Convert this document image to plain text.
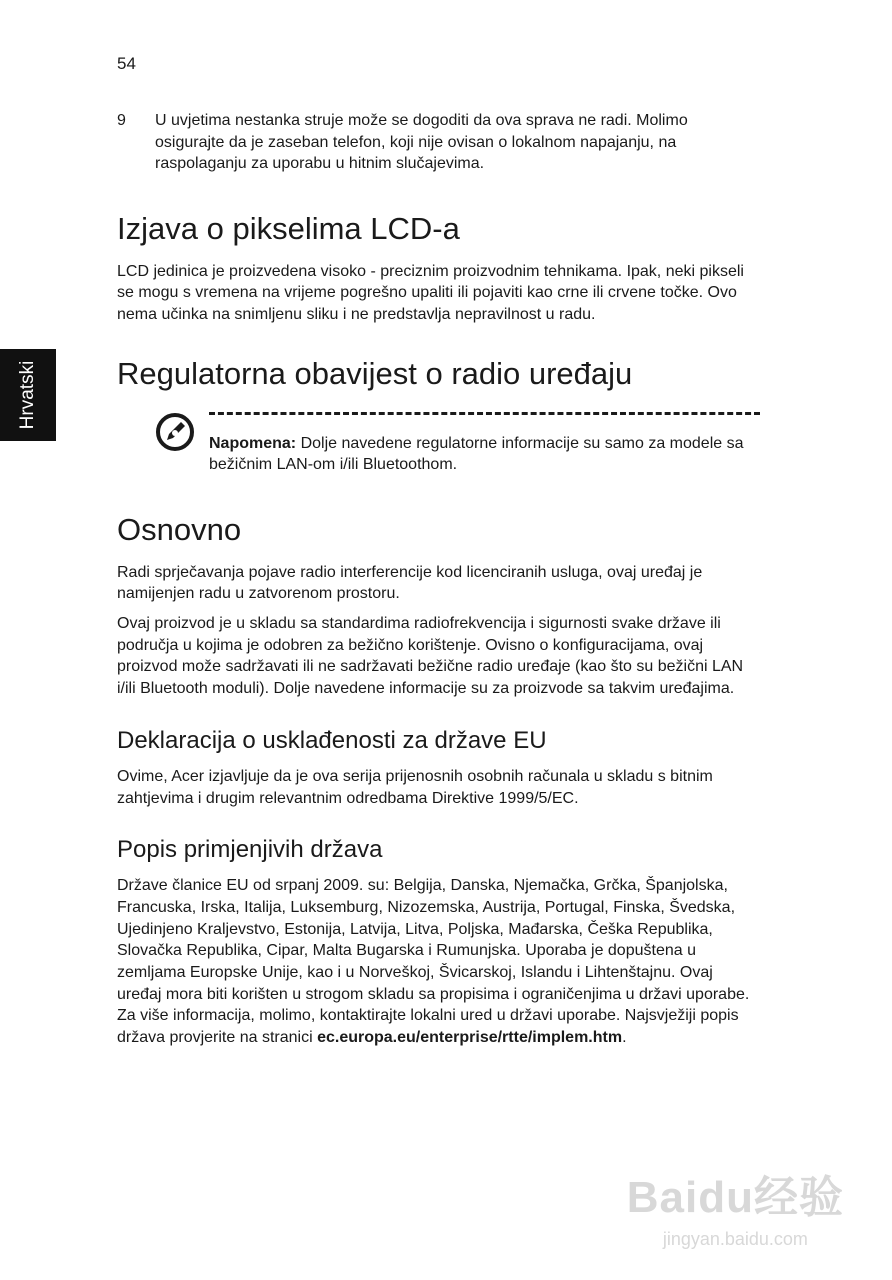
54
Hrvatski
9	U uvjetima nestanka struje može se dogoditi da ova sprava ne radi. Molimo osigurajte da je zaseban telefon, koji nije ovisan o lokalnom napajanju, na raspolaganju za uporabu u hitnim slučajevima.
Izjava o pikselima LCD-a

LCD jedinica je proizvedena visoko - preciznim proizvodnim tehnikama. Ipak, neki pikseli se mogu s vremena na vrijeme pogrešno upaliti ili pojaviti kao crne ili crvene točke. Ovo nema učinka na snimljenu sliku i ne predstavlja nepravilnost u radu.

Regulatorna obavijest o radio uređaju

Napomena: Dolje navedene regulatorne informacije su samo za modele sa bežičnim LAN-om i/ili Bluetoothom.

Osnovno

Radi sprječavanja pojave radio interferencije kod licenciranih usluga, ovaj uređaj je namijenjen radu u zatvorenom prostoru.

Ovaj proizvod je u skladu sa standardima radiofrekvencija i sigurnosti svake države ili područja u kojima je odobren za bežično korištenje. Ovisno o konfiguracijama, ovaj proizvod može sadržavati ili ne sadržavati bežične radio uređaje (kao što su bežični LAN i/ili Bluetooth moduli). Dolje navedene informacije su za proizvode sa takvim uređajima.

Deklaracija o usklađenosti za države EU

Ovime, Acer izjavljuje da je ova serija prijenosnih osobnih računala u skladu s bitnim zahtjevima i drugim relevantnim odredbama Direktive 1999/5/EC.

Popis primjenjivih država

Države članice EU od srpanj 2009. su: Belgija, Danska, Njemačka, Grčka, Španjolska, Francuska, Irska, Italija, Luksemburg, Nizozemska, Austrija, Portugal, Finska, Švedska, Ujedinjeno Kraljevstvo, Estonija, Latvija, Litva, Poljska, Mađarska, Češka Republika, Slovačka Republika, Cipar, Malta Bugarska i Rumunjska. Uporaba je dopuštena u zemljama Europske Unije, kao i u Norveškoj, Švicarskoj, Islandu i Lihtenštajnu. Ovaj uređaj mora biti korišten u strogom skladu sa propisima i ograničenjima u državi uporabe. Za više informacija, molimo, kontaktirajte lokalni ured u državi uporabe. Najsvježiji popis država provjerite na stranici ec.europa.eu/enterprise/rtte/implem.htm.

Baidu经验
jingyan.baidu.com
